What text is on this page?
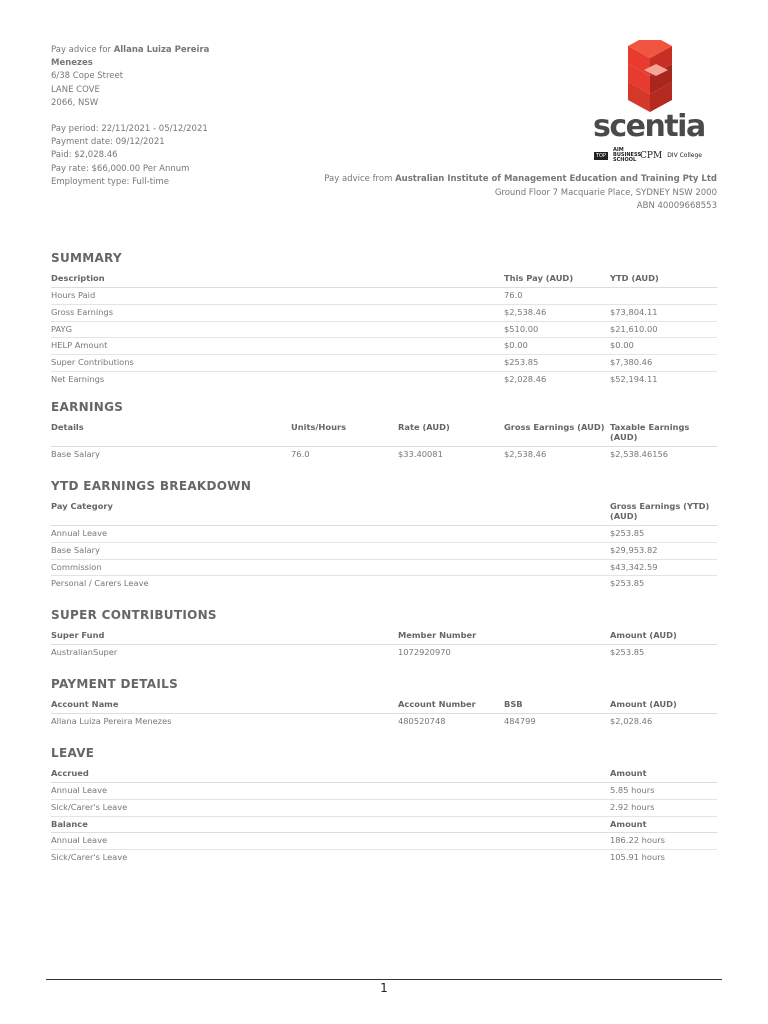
Pay advice for Allana Luiza Pereira
Menezes
6/38 Cope Street
LANE COVE
2066, NSW
Pay period: 22/11/2021 - 05/12/2021
Payment date: 09/12/2021
Paid: $2,028.46
Pay rate: $66,000.00 Per Annum
Employment type: Full-time
scentia
TOP
AIM BUSINESS SCHOOL CPM DIV College
Pay advice from Australian Institute of Management Education and Training Pty Ltd
Ground Floor 7 Macquarie Place, SYDNEY NSW 2000
ABN 40009668553
SUMMARY
Description	This Pay (AUD)	YTD (AUD)
Hours Paid	76.0	
Gross Earnings	$2,538.46	$73,804.11
PAYG	$510.00	$21,610.00
HELP Amount	$0.00	$0.00
Super Contributions	$253.85	$7,380.46
Net Earnings	$2,028.46	$52,194.11
EARNINGS
Details	Units/Hours	Rate (AUD)	Gross Earnings (AUD)	Taxable Earnings (AUD)
Base Salary	76.0	$33.40081	$2,538.46	$2,538.46156
YTD EARNINGS BREAKDOWN
Pay Category	Gross Earnings (YTD) (AUD)
Annual Leave	$253.85
Base Salary	$29,953.82
Commission	$43,342.59
Personal / Carers Leave	$253.85
SUPER CONTRIBUTIONS
Super Fund	Member Number	Amount (AUD)
AustralianSuper	1072920970	$253.85
PAYMENT DETAILS
Account Name	Account Number	BSB	Amount (AUD)
Allana Luiza Pereira Menezes	480520748	484799	$2,028.46
LEAVE
Accrued	Amount
Annual Leave	5.85 hours
Sick/Carer's Leave	2.92 hours
Balance	Amount
Annual Leave	186.22 hours
Sick/Carer's Leave	105.91 hours
1
